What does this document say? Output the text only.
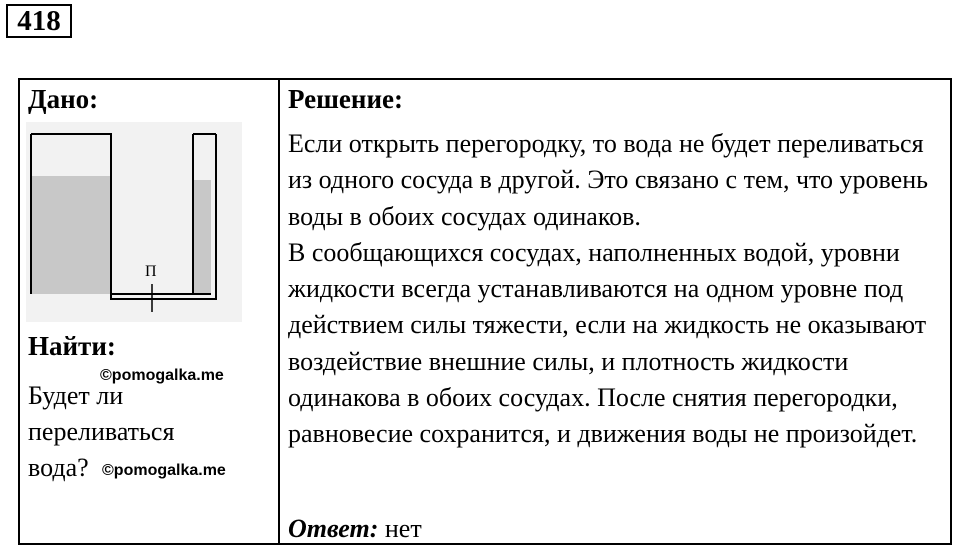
418
Дано:
П
Найти:
Будет ли переливаться вода?
©pomogalka.me
©pomogalka.me
Решение:

Если открыть перегородку, то вода не будет переливаться из одного сосуда в другой. Это связано с тем, что уровень воды в обоих сосудах одинаков.

В сообщающихся сосудах, наполненных водой, уровни жидкости всегда устанавливаются на одном уровне под действием силы тяжести, если на жидкость не оказывают воздействие внешние силы, и плотность жидкости одинакова в обоих сосудах. После снятия перегородки, равновесие сохранится, и движения воды не произойдет.

Ответ: нет
